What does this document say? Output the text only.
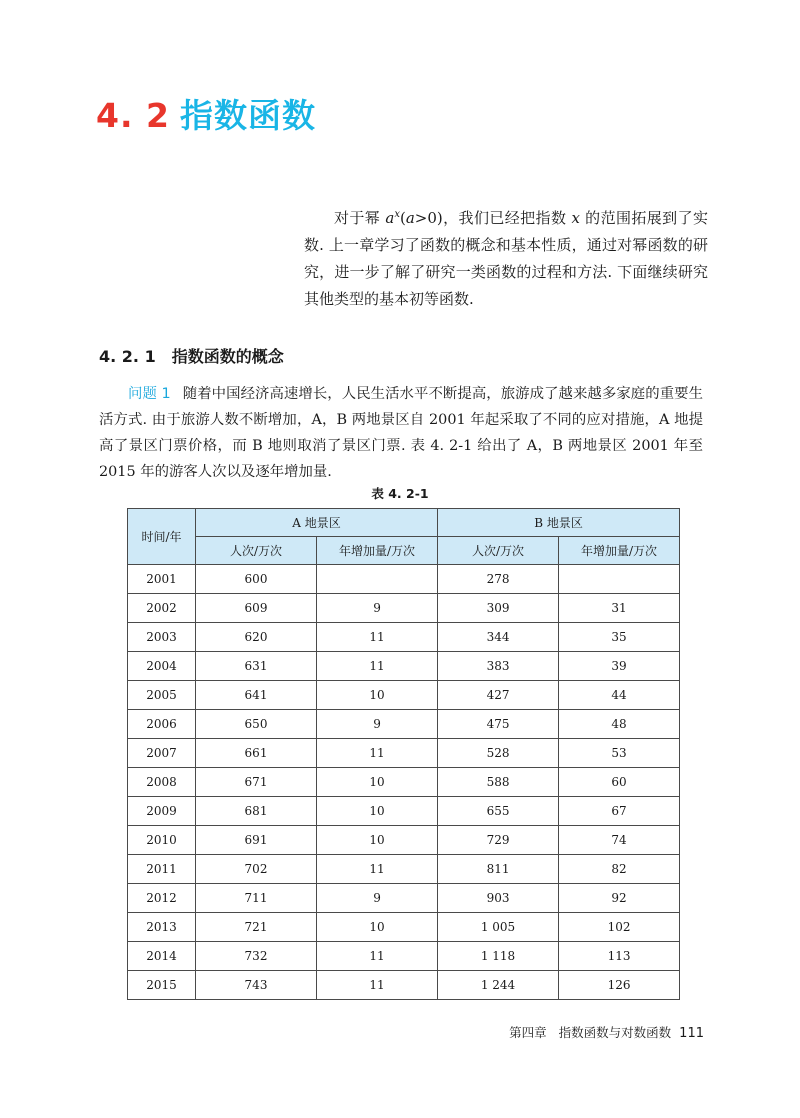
4. 2 指数函数

对于幂 $a^x(a>0)$，我们已经把指数 x 的范围拓展到了实数. 上一章学习了函数的概念和基本性质，通过对幂函数的研究，进一步了解了研究一类函数的过程和方法. 下面继续研究其他类型的基本初等函数.

4. 2. 1 指数函数的概念

问题 1 随着中国经济高速增长，人民生活水平不断提高，旅游成了越来越多家庭的重要生活方式. 由于旅游人数不断增加，A，B 两地景区自 2001 年起采取了不同的应对措施，A 地提高了景区门票价格，而 B 地则取消了景区门票. 表 4. 2-1 给出了 A，B 两地景区 2001 年至 2015 年的游客人次以及逐年增加量.

表 4. 2-1
时间/年	A 地景区		B 地景区	
	人次/万次	年增加量/万次	人次/万次	年增加量/万次
2001	600		278	
2002	609	9	309	31
2003	620	11	344	35
2004	631	11	383	39
2005	641	10	427	44
2006	650	9	475	48
2007	661	11	528	53
2008	671	10	588	60
2009	681	10	655	67
2010	691	10	729	74
2011	702	11	811	82
2012	711	9	903	92
2013	721	10	1 005	102
2014	732	11	1 118	113
2015	743	11	1 244	126
第四章 指数函数与对数函数 111
